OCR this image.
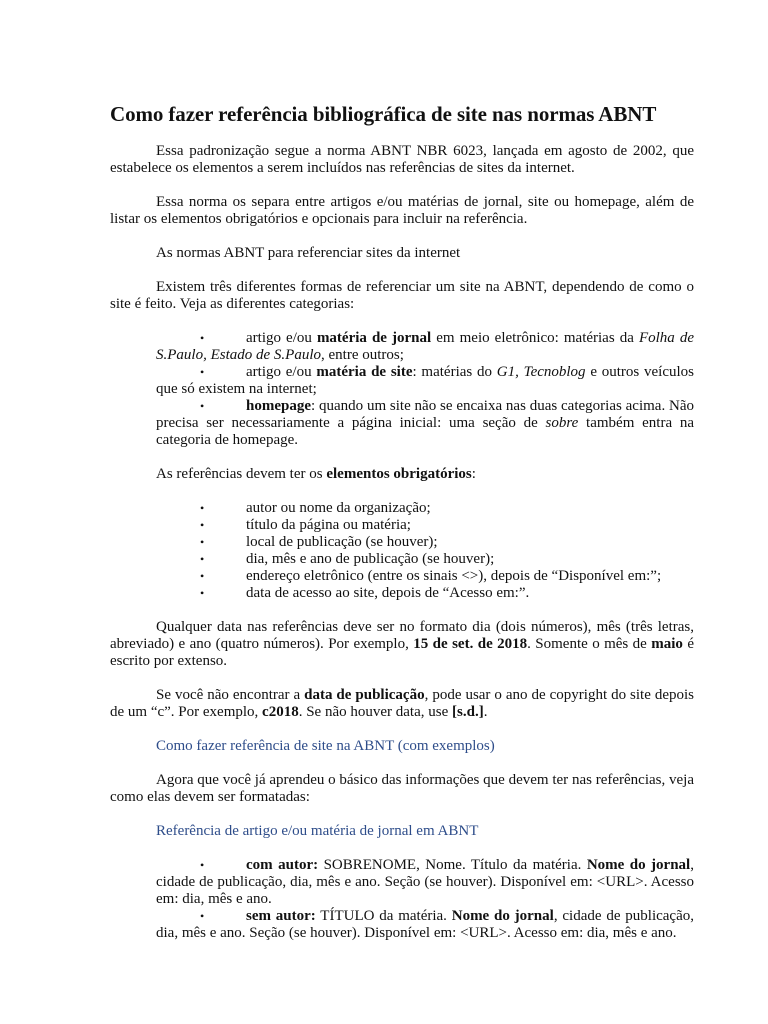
Como fazer referência bibliográfica de site nas normas ABNT

Essa padronização segue a norma ABNT NBR 6023, lançada em agosto de 2002, que estabelece os elementos a serem incluídos nas referências de sites da internet.

Essa norma os separa entre artigos e/ou matérias de jornal, site ou homepage, além de listar os elementos obrigatórios e opcionais para incluir na referência.

As normas ABNT para referenciar sites da internet

Existem três diferentes formas de referenciar um site na ABNT, dependendo de como o site é feito. Veja as diferentes categorias:

•	artigo e/ou matéria de jornal em meio eletrônico: matérias da Folha de S.Paulo, Estado de S.Paulo, entre outros;
•	artigo e/ou matéria de site: matérias do G1, Tecnoblog e outros veículos que só existem na internet;
•	homepage: quando um site não se encaixa nas duas categorias acima. Não precisa ser necessariamente a página inicial: uma seção de sobre também entra na categoria de homepage.

As referências devem ter os elementos obrigatórios:

•	autor ou nome da organização;
•	título da página ou matéria;
•	local de publicação (se houver);
•	dia, mês e ano de publicação (se houver);
•	endereço eletrônico (entre os sinais <>), depois de “Disponível em:”;
•	data de acesso ao site, depois de “Acesso em:”.

Qualquer data nas referências deve ser no formato dia (dois números), mês (três letras, abreviado) e ano (quatro números). Por exemplo, 15 de set. de 2018. Somente o mês de maio é escrito por extenso.

Se você não encontrar a data de publicação, pode usar o ano de copyright do site depois de um “c”. Por exemplo, c2018. Se não houver data, use [s.d.].

Como fazer referência de site na ABNT (com exemplos)

Agora que você já aprendeu o básico das informações que devem ter nas referências, veja como elas devem ser formatadas:

Referência de artigo e/ou matéria de jornal em ABNT

•	com autor: SOBRENOME, Nome. Título da matéria. Nome do jornal, cidade de publicação, dia, mês e ano. Seção (se houver). Disponível em: <URL>. Acesso em: dia, mês e ano.
•	sem autor: TÍTULO da matéria. Nome do jornal, cidade de publicação, dia, mês e ano. Seção (se houver). Disponível em: <URL>. Acesso em: dia, mês e ano.
